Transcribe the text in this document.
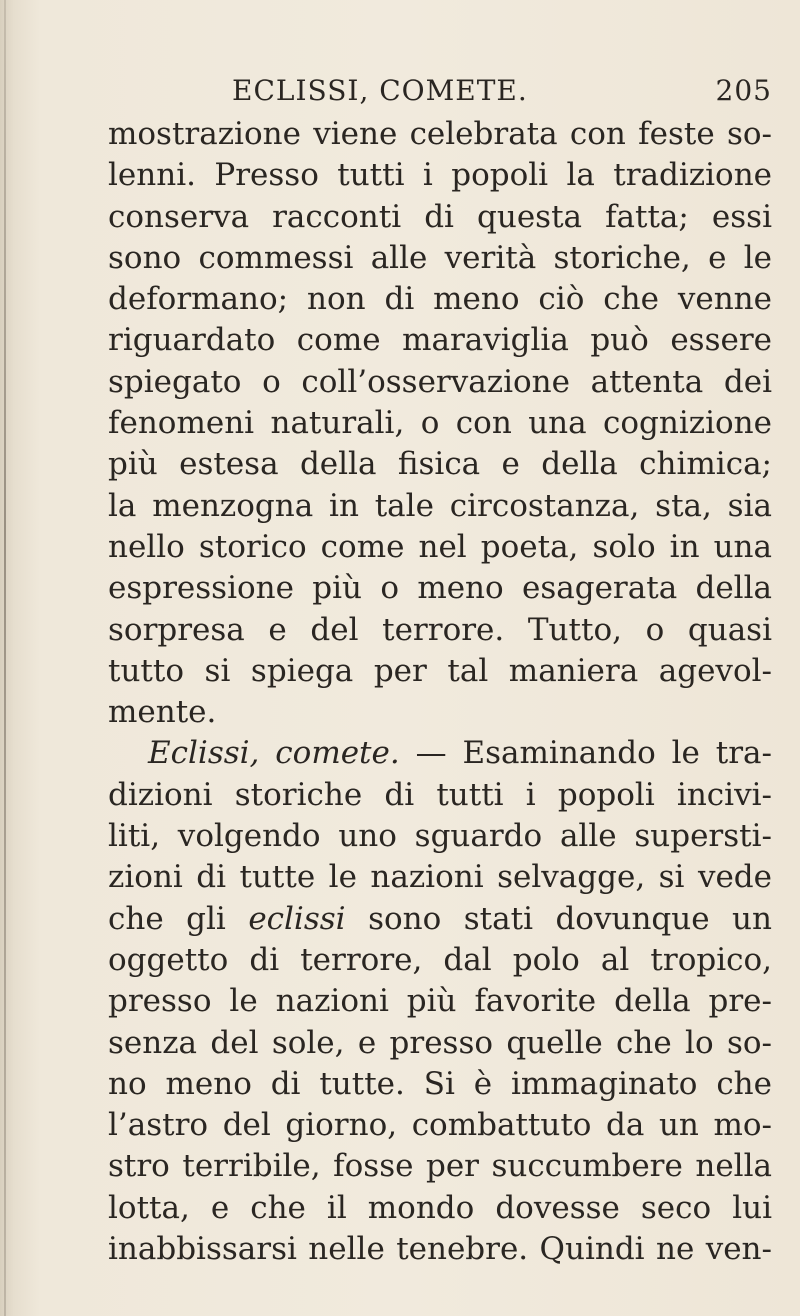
ECLISSI, COMETE.	205
mostrazione viene celebrata con feste so-
lenni. Presso tutti i popoli la tradizione
conserva racconti di questa fatta; essi
sono commessi alle verità storiche, e le
deformano; non di meno ciò che venne
riguardato come maraviglia può essere
spiegato o coll’osservazione attenta dei
fenomeni naturali, o con una cognizione
più estesa della fisica e della chimica;
la menzogna in tale circostanza, sta, sia
nello storico come nel poeta, solo in una
espressione più o meno esagerata della
sorpresa e del terrore. Tutto, o quasi
tutto si spiega per tal maniera agevol-
mente.
Eclissi, comete. — Esaminando le tra-
dizioni storiche di tutti i popoli incivi-
liti, volgendo uno sguardo alle supersti-
zioni di tutte le nazioni selvagge, si vede
che gli eclissi sono stati dovunque un
oggetto di terrore, dal polo al tropico,
presso le nazioni più favorite della pre-
senza del sole, e presso quelle che lo so-
no meno di tutte. Si è immaginato che
l’astro del giorno, combattuto da un mo-
stro terribile, fosse per succumbere nella
lotta, e che il mondo dovesse seco lui
inabbissarsi nelle tenebre. Quindi ne ven-
